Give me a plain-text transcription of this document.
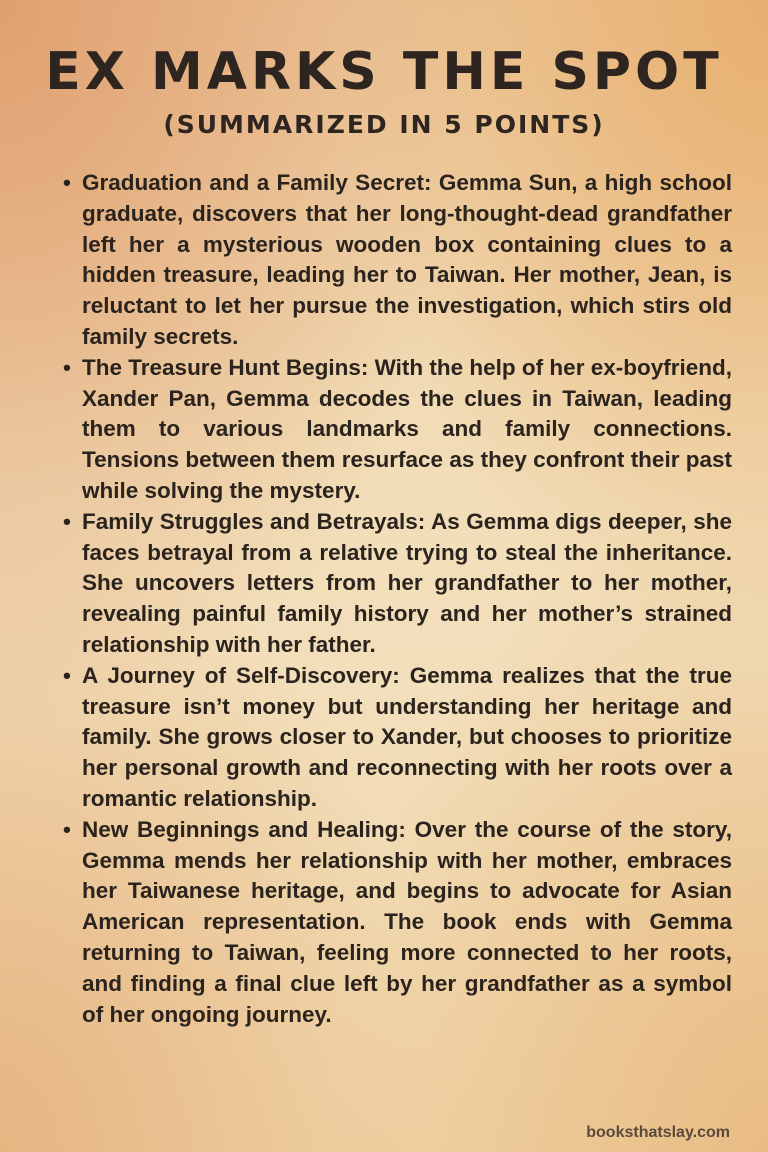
EX MARKS THE SPOT
(SUMMARIZED IN 5 POINTS)
• Graduation and a Family Secret: Gemma Sun, a high school graduate, discovers that her long-thought-dead grandfather left her a mysterious wooden box containing clues to a hidden treasure, leading her to Taiwan. Her mother, Jean, is reluctant to let her pursue the investigation, which stirs old family secrets.
• The Treasure Hunt Begins: With the help of her ex-boyfriend, Xander Pan, Gemma decodes the clues in Taiwan, leading them to various landmarks and family connections. Tensions between them resurface as they confront their past while solving the mystery.
• Family Struggles and Betrayals: As Gemma digs deeper, she faces betrayal from a relative trying to steal the inheritance. She uncovers letters from her grandfather to her mother, revealing painful family history and her mother’s strained relationship with her father.
• A Journey of Self-Discovery: Gemma realizes that the true treasure isn’t money but understanding her heritage and family. She grows closer to Xander, but chooses to prioritize her personal growth and reconnecting with her roots over a romantic relationship.
• New Beginnings and Healing: Over the course of the story, Gemma mends her relationship with her mother, embraces her Taiwanese heritage, and begins to advocate for Asian American representation. The book ends with Gemma returning to Taiwan, feeling more connected to her roots, and finding a final clue left by her grandfather as a symbol of her ongoing journey.
booksthatslay.com
